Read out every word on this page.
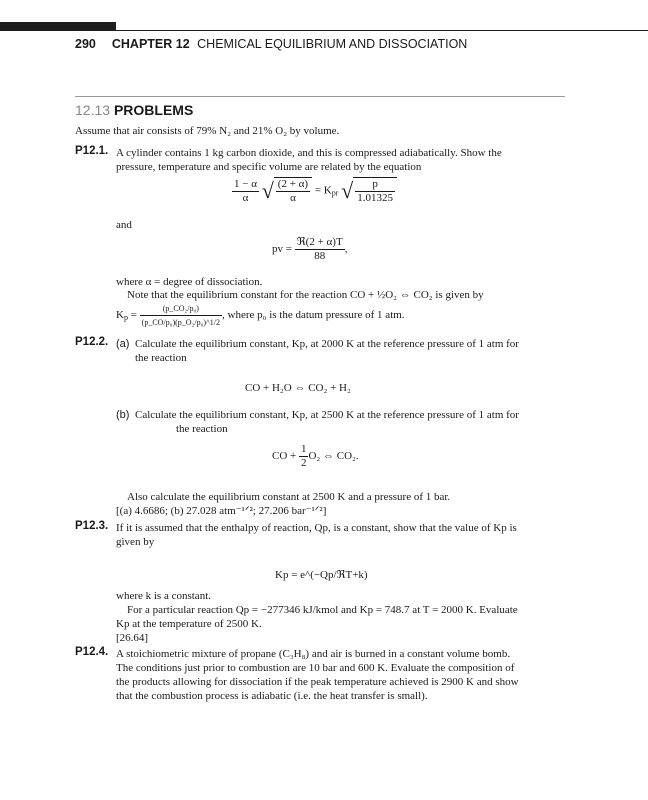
290 CHAPTER 12 CHEMICAL EQUILIBRIUM AND DISSOCIATION
12.13 PROBLEMS
Assume that air consists of 79% N₂ and 21% O₂ by volume.
P12.1. A cylinder contains 1 kg carbon dioxide, and this is compressed adiabatically. Show the
pressure, temperature and specific volume are related by the equation
$\frac{1 - \alpha}{\alpha}$ √ $\frac{(2 + \alpha)}{\alpha}$ = Kpr √ $\frac{p}{1.01325}$
and
pv = $\frac{\text{ℜ(2 + α)T}}{88}$ ,
where α = degree of dissociation.
Note that the equilibrium constant for the reaction CO + ½O₂ ⇔ CO₂ is given by
$Kp = \frac{\text{(p\_CO₂/p₀)}}{\text{(p\_CO/p₀)(p\_O₂/p₀)\textasciicircum{}1/2}}$ , where p₀ is the datum pressure of 1 atm.
P12.2. (a) Calculate the equilibrium constant, Kp, at 2000 K at the reference pressure of 1 atm for
the reaction
CO + H₂O ⇔ CO₂ + H₂
(b) Calculate the equilibrium constant, Kp, at 2500 K at the reference pressure of 1 atm for
the reaction
CO + $\frac{1}{2} O_2$ ⇔ CO₂.
Also calculate the equilibrium constant at 2500 K and a pressure of 1 bar.
[(a) 4.6686; (b) 27.028 atm⁻¹ᐟ²; 27.206 bar⁻¹ᐟ²]
P12.3. If it is assumed that the enthalpy of reaction, Qp, is a constant, show that the value of Kp is
given by
Kp = e^(−Qp/ℜT+k)
where k is a constant.
For a particular reaction Qp = −277346 kJ/kmol and Kp = 748.7 at T = 2000 K. Evaluate
Kp at the temperature of 2500 K.
[26.64]
P12.4. A stoichiometric mixture of propane (C₃H₈) and air is burned in a constant volume bomb.
The conditions just prior to combustion are 10 bar and 600 K. Evaluate the composition of
the products allowing for dissociation if the peak temperature achieved is 2900 K and show
that the combustion process is adiabatic (i.e. the heat transfer is small).
